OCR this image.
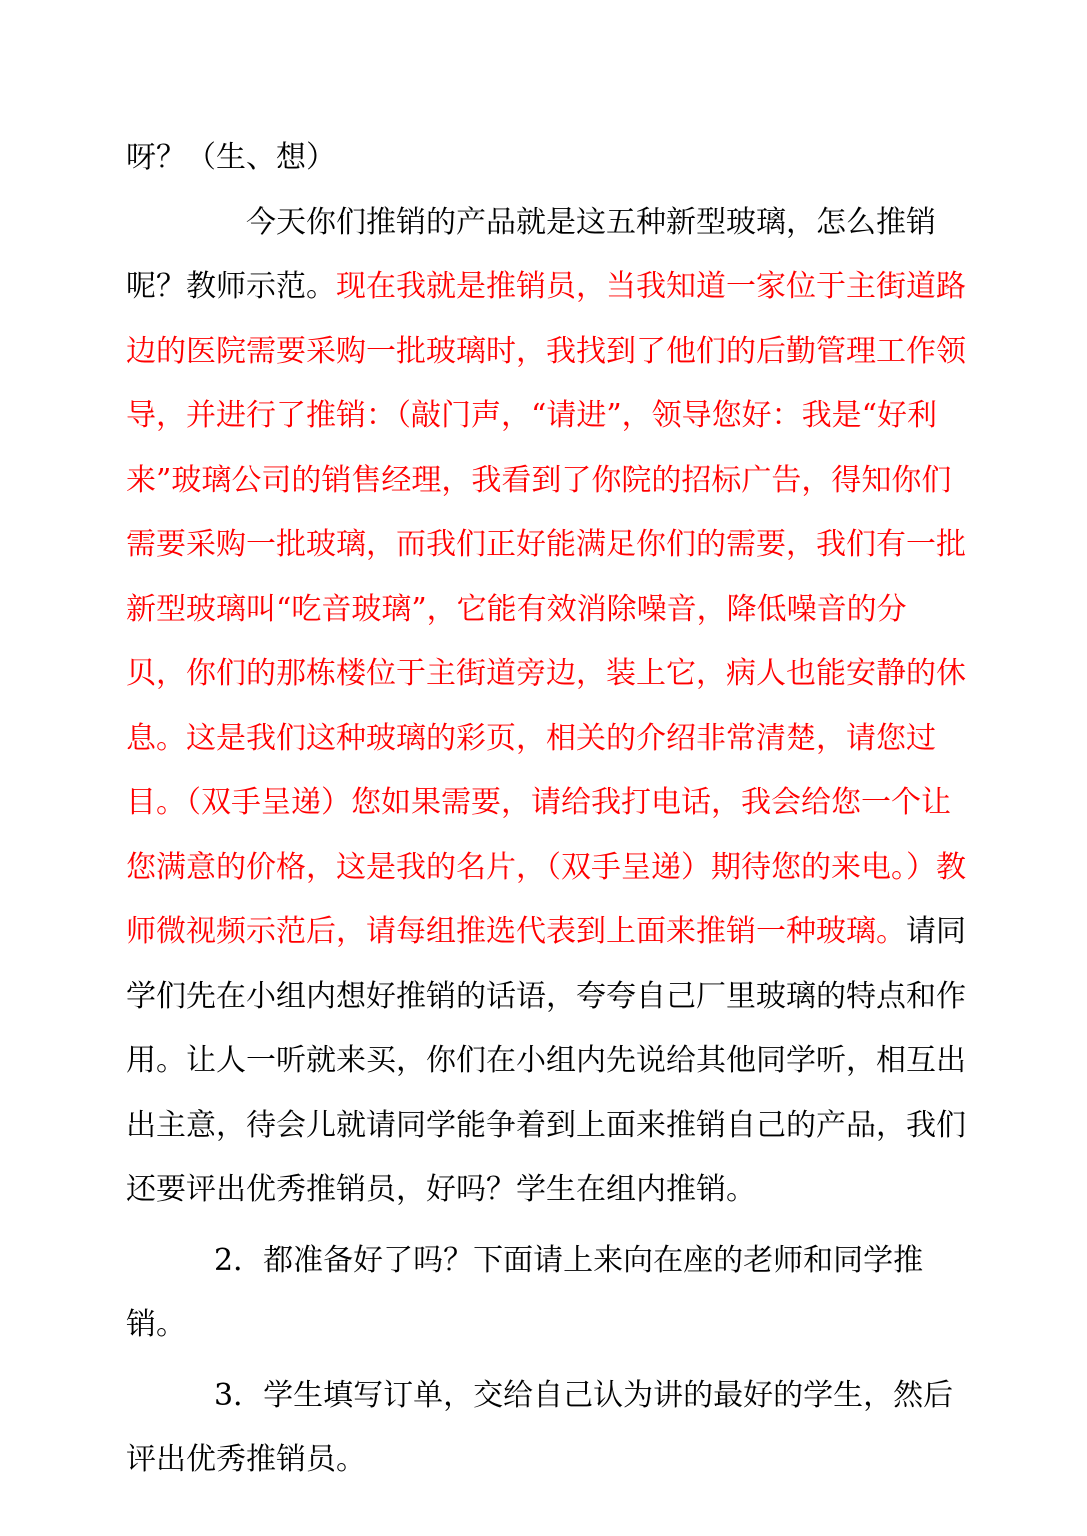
呀？（生、想）

今天你们推销的产品就是这五种新型玻璃，怎么推销呢？教师示范。现在我就是推销员，当我知道一家位于主街道路边的医院需要采购一批玻璃时，我找到了他们的后勤管理工作领导，并进行了推销：（敲门声，“请进”，领导您好：我是“好利来”玻璃公司的销售经理，我看到了你院的招标广告，得知你们需要采购一批玻璃，而我们正好能满足你们的需要，我们有一批新型玻璃叫“吃音玻璃”，它能有效消除噪音，降低噪音的分贝，你们的那栋楼位于主街道旁边，装上它，病人也能安静的休息。这是我们这种玻璃的彩页，相关的介绍非常清楚，请您过目。（双手呈递）您如果需要，请给我打电话，我会给您一个让您满意的价格，这是我的名片，（双手呈递）期待您的来电。）教师微视频示范后，请每组推选代表到上面来推销一种玻璃。请同学们先在小组内想好推销的话语，夸夸自己厂里玻璃的特点和作用。让人一听就来买，你们在小组内先说给其他同学听，相互出出主意，待会儿就请同学能争着到上面来推销自己的产品，我们还要评出优秀推销员，好吗？学生在组内推销。

2．都准备好了吗？下面请上来向在座的老师和同学推销。

3．学生填写订单，交给自己认为讲的最好的学生，然后评出优秀推销员。
